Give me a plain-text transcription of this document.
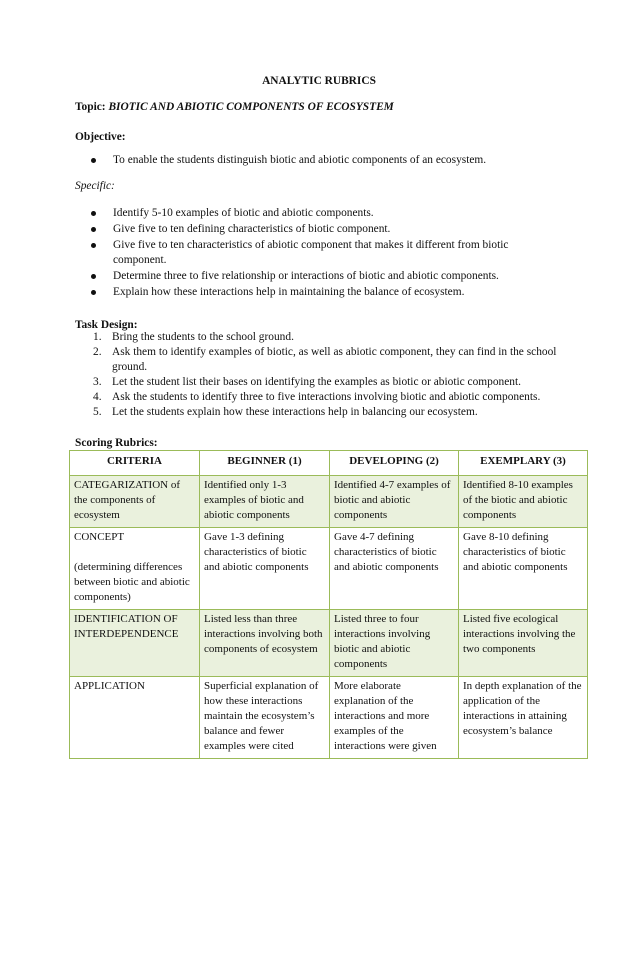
ANALYTIC RUBRICS
Topic: BIOTIC AND ABIOTIC COMPONENTS OF ECOSYSTEM
Objective:
To enable the students distinguish biotic and abiotic components of an ecosystem.
Specific:
Identify 5-10 examples of biotic and abiotic components.
Give five to ten defining characteristics of biotic component.
Give five to ten characteristics of abiotic component that makes it different from biotic component.
Determine three to five relationship or interactions of biotic and abiotic components.
Explain how these interactions help in maintaining the balance of ecosystem.
Task Design:
1. Bring the students to the school ground.
2. Ask them to identify examples of biotic, as well as abiotic component, they can find in the school ground.
3. Let the student list their bases on identifying the examples as biotic or abiotic component.
4. Ask the students to identify three to five interactions involving biotic and abiotic components.
5. Let the students explain how these interactions help in balancing our ecosystem.
Scoring Rubrics:
CRITERIA	BEGINNER (1)	DEVELOPING (2)	EXEMPLARY (3)
CATEGARIZATION of the components of ecosystem	Identified only 1-3 examples of biotic and abiotic components	Identified 4-7 examples of biotic and abiotic components	Identified 8-10 examples of the biotic and abiotic components
CONCEPT
(determining differences between biotic and abiotic components)	Gave 1-3 defining characteristics of biotic and abiotic components	Gave 4-7 defining characteristics of biotic and abiotic components	Gave 8-10 defining characteristics of biotic and abiotic components
IDENTIFICATION OF INTERDEPENDENCE	Listed less than three interactions involving both components of ecosystem	Listed three to four interactions involving biotic and abiotic components	Listed five ecological interactions involving the two components
APPLICATION	Superficial explanation of how these interactions maintain the ecosystem’s balance and fewer examples were cited	More elaborate explanation of the interactions and more examples of the interactions were given	In depth explanation of the application of the interactions in attaining ecosystem’s balance
